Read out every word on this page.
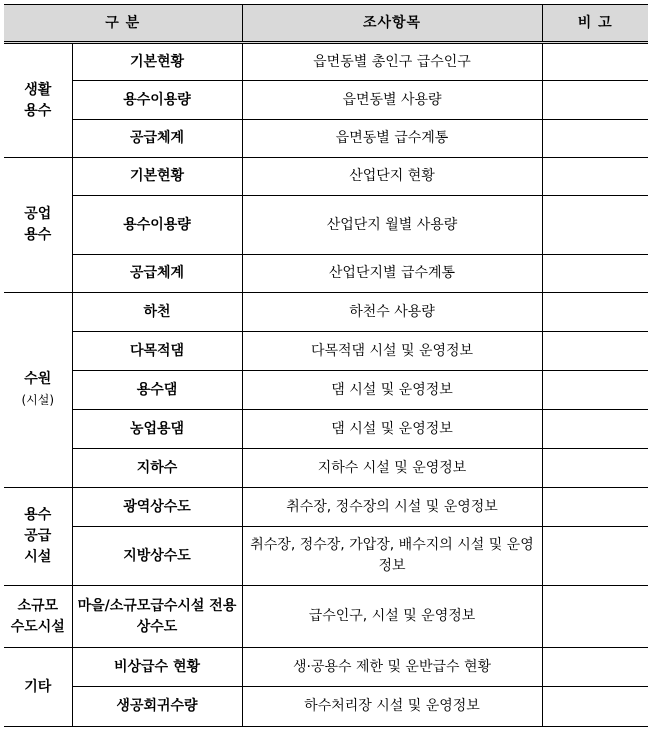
구 분		조사항목	비 고

생활
용수	기본현황	읍면동별 총인구 급수인구	
	용수이용량	읍면동별 사용량	
	공급체계	읍면동별 급수계통	

공업
용수	기본현황	산업단지 현황	
	용수이용량	산업단지 월별 사용량	
	공급체계	산업단지별 급수계통	

수원
(시설)	하천	하천수 사용량	
	다목적댐	다목적댐 시설 및 운영정보	
	용수댐	댐 시설 및 운영정보	
	농업용댐	댐 시설 및 운영정보	
	지하수	지하수 시설 및 운영정보	

용수
공급
시설	광역상수도	취수장, 정수장의 시설 및 운영정보	
	지방상수도	취수장, 정수장, 가압장, 배수지의 시설 및 운영정보	

소규모
수도시설	마을/소규모급수시설 전용상수도	급수인구, 시설 및 운영정보	

기타	비상급수 현황	생·공용수 제한 및 운반급수 현황	
	생공회귀수량	하수처리장 시설 및 운영정보	
